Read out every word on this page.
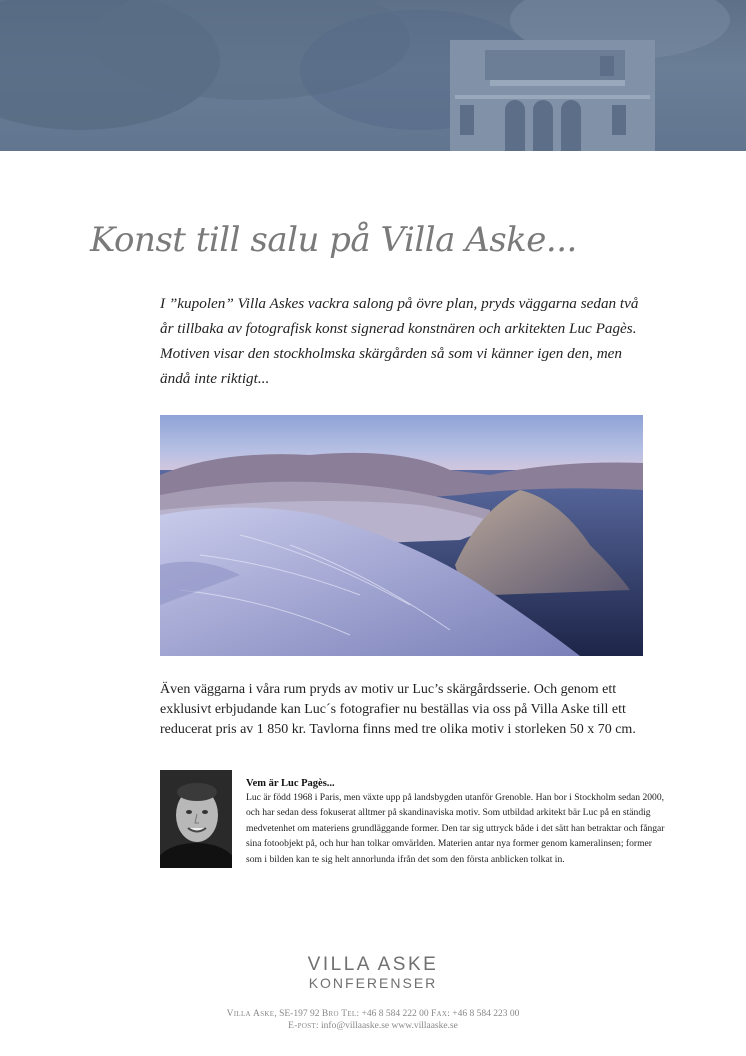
Konst till salu på Villa Aske...

I ”kupolen” Villa Askes vackra salong på övre plan, pryds väggarna sedan två år tillbaka av fotografisk konst signerad konstnären och arkitekten Luc Pagès. Motiven visar den stockholmska skärgården så som vi känner igen den, men ändå inte riktigt...

Även väggarna i våra rum pryds av motiv ur Luc’s skärgårdsserie. Och genom ett exklusivt erbjudande kan Luc´s fotografier nu beställas via oss på Villa Aske till ett reducerat pris av 1 850 kr. Tavlorna finns med tre olika motiv i storleken 50 x 70 cm.

Vem är Luc Pagès...

Luc är född 1968 i Paris, men växte upp på landsbygden utanför Grenoble. Han bor i Stockholm sedan 2000, och har sedan dess fokuserat alltmer på skandinaviska motiv. Som utbildad arkitekt bär Luc på en ständig medvetenhet om materiens grundläggande former. Den tar sig uttryck både i det sätt han betraktar och fångar sina fotoobjekt på, och hur han tolkar omvärlden. Materien antar nya former genom kameralinsen; former som i bilden kan te sig helt annorlunda ifrån det som den första anblicken tolkat in.

VILLA ASKE
KONFERENSER
Villa Aske, SE-197 92 Bro Tel: +46 8 584 222 00 Fax: +46 8 584 223 00
E-post: info@villaaske.se www.villaaske.se
